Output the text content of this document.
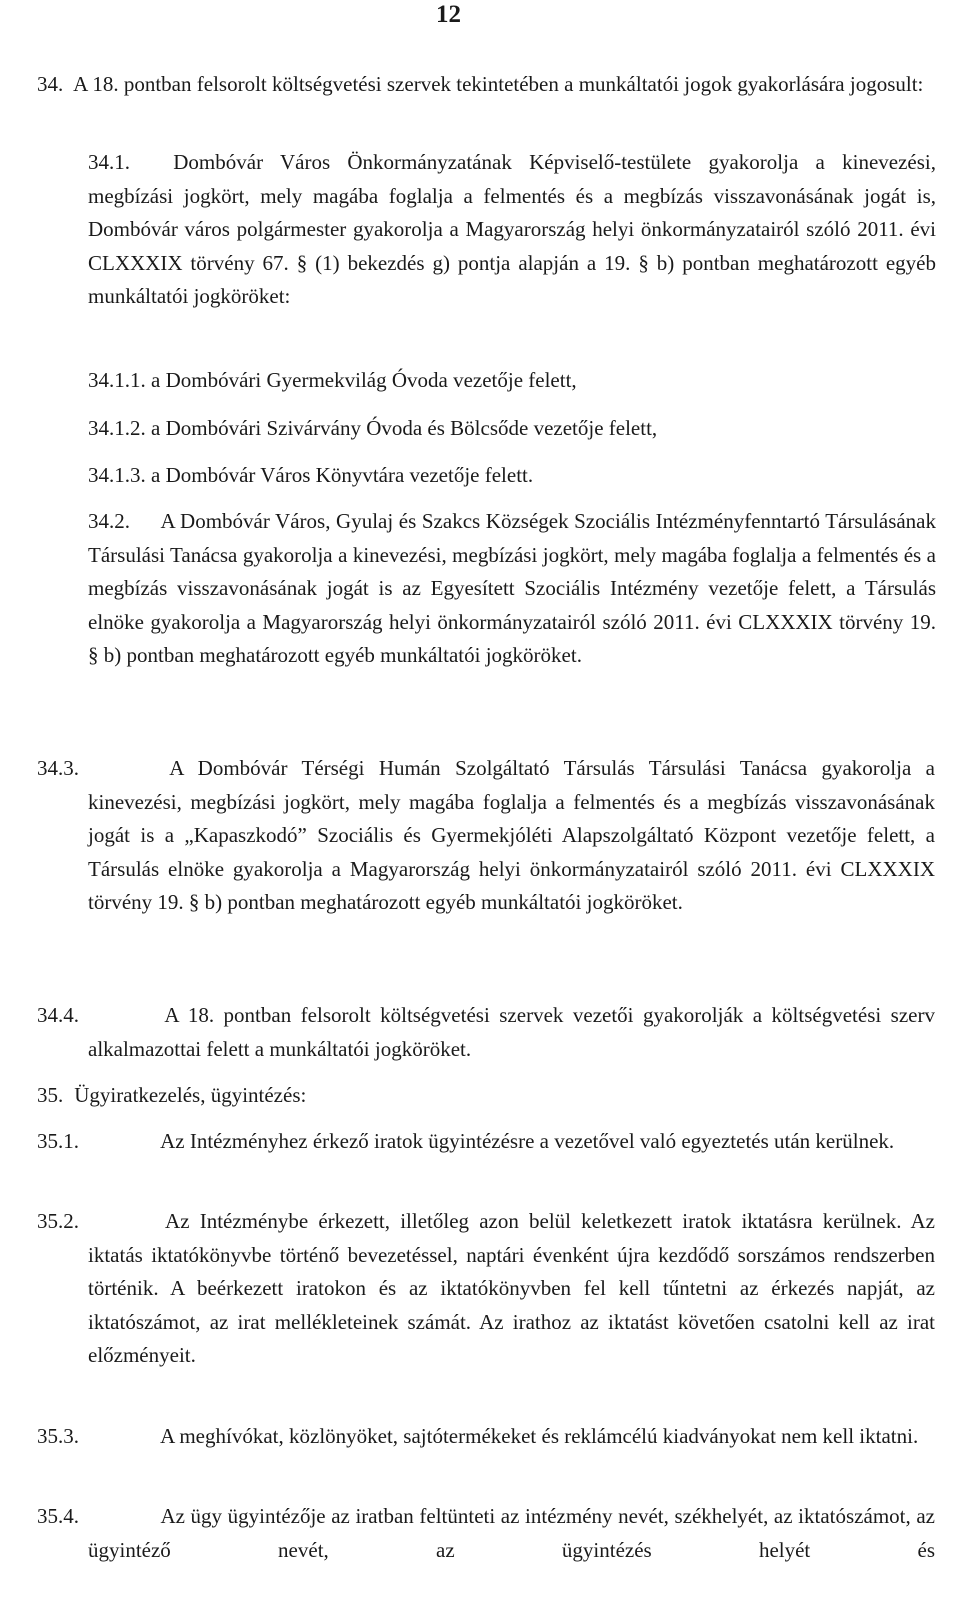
12
34. A 18. pontban felsorolt költségvetési szervek tekintetében a munkáltatói jogok gyakorlására jogosult:
34.1. Dombóvár Város Önkormányzatának Képviselő-testülete gyakorolja a kinevezési, megbízási jogkört, mely magába foglalja a felmentés és a megbízás visszavonásának jogát is, Dombóvár város polgármester gyakorolja a Magyarország helyi önkormányzatairól szóló 2011. évi CLXXXIX törvény 67. § (1) bekezdés g) pontja alapján a 19. § b) pontban meghatározott egyéb munkáltatói jogköröket:
34.1.1. a Dombóvári Gyermekvilág Óvoda vezetője felett,
34.1.2. a Dombóvári Szivárvány Óvoda és Bölcsőde vezetője felett,
34.1.3. a Dombóvár Város Könyvtára vezetője felett.
34.2. A Dombóvár Város, Gyulaj és Szakcs Községek Szociális Intézményfenntartó Társulásának Társulási Tanácsa gyakorolja a kinevezési, megbízási jogkört, mely magába foglalja a felmentés és a megbízás visszavonásának jogát is az Egyesített Szociális Intézmény vezetője felett, a Társulás elnöke gyakorolja a Magyarország helyi önkormányzatairól szóló 2011. évi CLXXXIX törvény 19. § b) pontban meghatározott egyéb munkáltatói jogköröket.
34.3.	A Dombóvár Térségi Humán Szolgáltató Társulás Társulási Tanácsa gyakorolja a kinevezési, megbízási jogkört, mely magába foglalja a felmentés és a megbízás visszavonásának jogát is a „Kapaszkodó” Szociális és Gyermekjóléti Alapszolgáltató Központ vezetője felett, a Társulás elnöke gyakorolja a Magyarország helyi önkormányzatairól szóló 2011. évi CLXXXIX törvény 19. § b) pontban meghatározott egyéb munkáltatói jogköröket.
34.4.	A 18. pontban felsorolt költségvetési szervek vezetői gyakorolják a költségvetési szerv alkalmazottai felett a munkáltatói jogköröket.
35. Ügyiratkezelés, ügyintézés:
35.1.	Az Intézményhez érkező iratok ügyintézésre a vezetővel való egyeztetés után kerülnek.
35.2.	Az Intézménybe érkezett, illetőleg azon belül keletkezett iratok iktatásra kerülnek. Az iktatás iktatókönyvbe történő bevezetéssel, naptári évenként újra kezdődő sorszámos rendszerben történik. A beérkezett iratokon és az iktatókönyvben fel kell tűntetni az érkezés napját, az iktatószámot, az irat mellékleteinek számát. Az irathoz az iktatást követően csatolni kell az irat előzményeit.
35.3.	A meghívókat, közlönyöket, sajtótermékeket és reklámcélú kiadványokat nem kell iktatni.
35.4.	Az ügy ügyintézője az iratban feltünteti az intézmény nevét, székhelyét, az iktatószámot, az ügyintéző nevét, az ügyintézés helyét és
